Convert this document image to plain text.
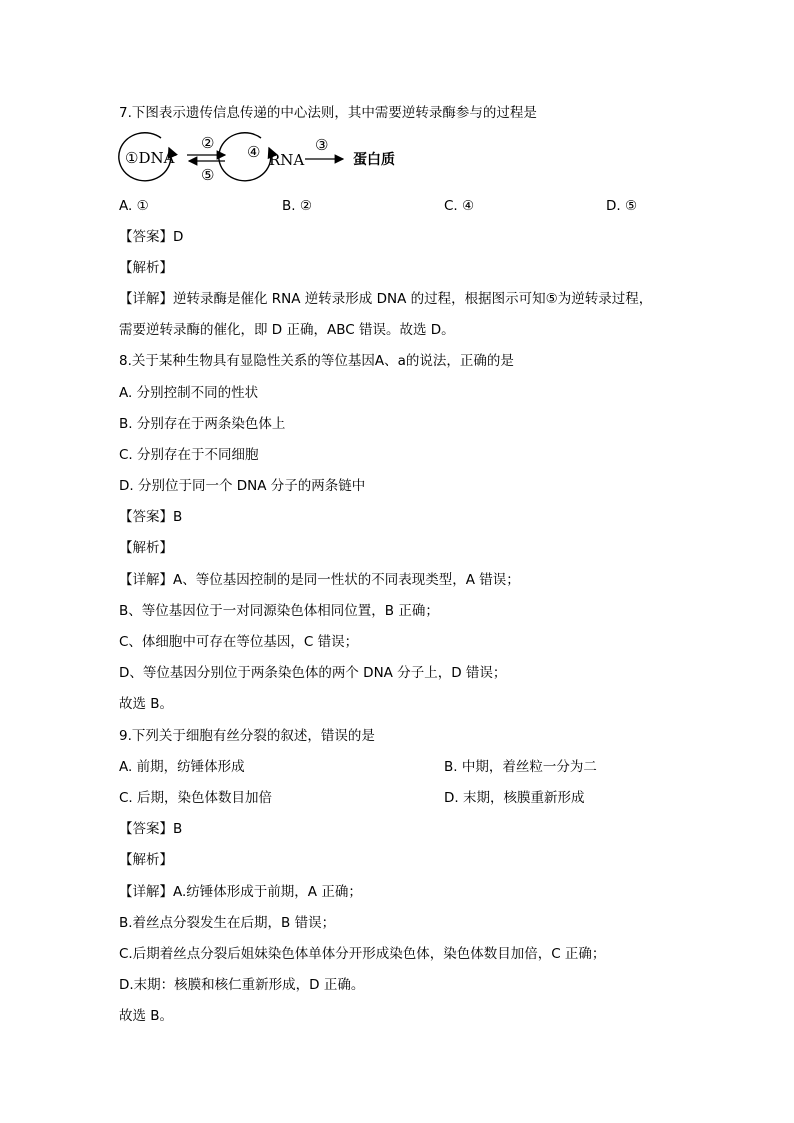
7.下图表示遗传信息传递的中心法则，其中需要逆转录酶参与的过程是
①DNA
②
⑤
④ RNA
③
蛋白质
A. ①	B. ②	C. ④	D. ⑤
【答案】D
【解析】
【详解】逆转录酶是催化 RNA 逆转录形成 DNA 的过程，根据图示可知⑤为逆转录过程，
需要逆转录酶的催化，即 D 正确，ABC 错误。故选 D。
8.关于某种生物具有显隐性关系的等位基因A、a的说法，正确的是
A. 分别控制不同的性状
B. 分别存在于两条染色体上
C. 分别存在于不同细胞
D. 分别位于同一个 DNA 分子的两条链中
【答案】B
【解析】
【详解】A、等位基因控制的是同一性状的不同表现类型，A 错误；
B、等位基因位于一对同源染色体相同位置，B 正确；
C、体细胞中可存在等位基因，C 错误；
D、等位基因分别位于两条染色体的两个 DNA 分子上，D 错误；
故选 B。
9.下列关于细胞有丝分裂的叙述，错误的是
A. 前期，纺锤体形成	B. 中期，着丝粒一分为二
C. 后期，染色体数目加倍	D. 末期，核膜重新形成
【答案】B
【解析】
【详解】A.纺锤体形成于前期，A 正确；
B.着丝点分裂发生在后期，B 错误；
C.后期着丝点分裂后姐妹染色体单体分开形成染色体，染色体数目加倍，C 正确；
D.末期：核膜和核仁重新形成，D 正确。
故选 B。
